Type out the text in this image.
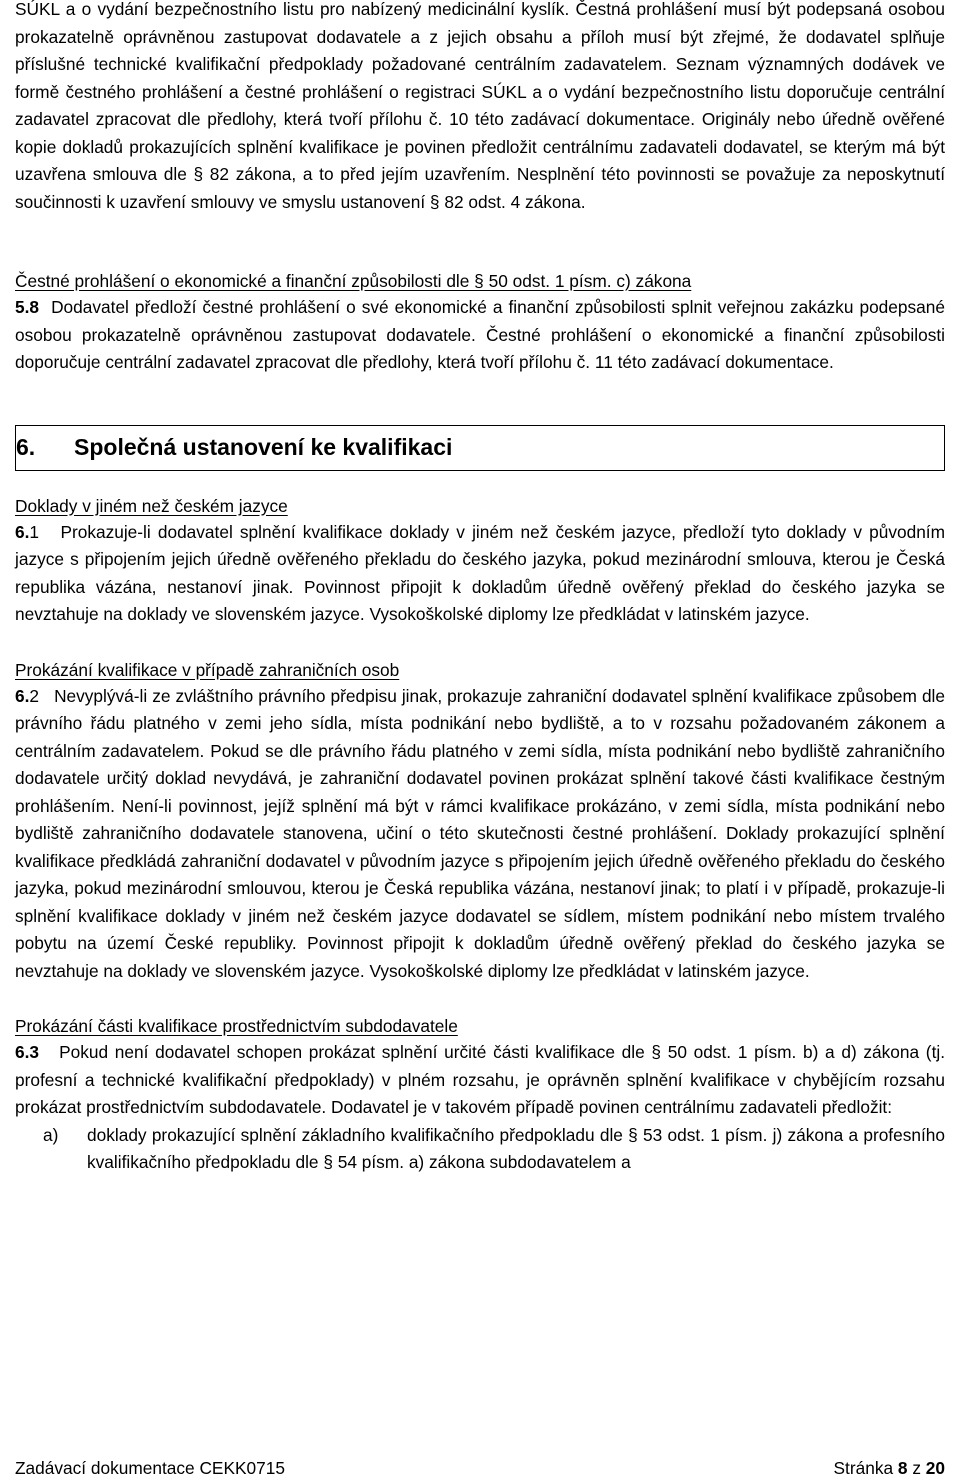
SÚKL a o vydání bezpečnostního listu pro nabízený medicinální kyslík. Čestná prohlášení musí být podepsaná osobou prokazatelně oprávněnou zastupovat dodavatele a z jejich obsahu a příloh musí být zřejmé, že dodavatel splňuje příslušné technické kvalifikační předpoklady požadované centrálním zadavatelem. Seznam významných dodávek ve formě čestného prohlášení a čestné prohlášení o registraci SÚKL a o vydání bezpečnostního listu doporučuje centrální zadavatel zpracovat dle předlohy, která tvoří přílohu č. 10 této zadávací dokumentace. Originály nebo úředně ověřené kopie dokladů prokazujících splnění kvalifikace je povinen předložit centrálnímu zadavateli dodavatel, se kterým má být uzavřena smlouva dle § 82 zákona, a to před jejím uzavřením. Nesplnění této povinnosti se považuje za neposkytnutí součinnosti k uzavření smlouvy ve smyslu ustanovení § 82 odst. 4 zákona.

Čestné prohlášení o ekonomické a finanční způsobilosti dle § 50 odst. 1 písm. c) zákona

5.8 Dodavatel předloží čestné prohlášení o své ekonomické a finanční způsobilosti splnit veřejnou zakázku podepsané osobou prokazatelně oprávněnou zastupovat dodavatele. Čestné prohlášení o ekonomické a finanční způsobilosti doporučuje centrální zadavatel zpracovat dle předlohy, která tvoří přílohu č. 11 této zadávací dokumentace.

6.	Společná ustanovení ke kvalifikaci

Doklady v jiném než českém jazyce

6.1 Prokazuje-li dodavatel splnění kvalifikace doklady v jiném než českém jazyce, předloží tyto doklady v původním jazyce s připojením jejich úředně ověřeného překladu do českého jazyka, pokud mezinárodní smlouva, kterou je Česká republika vázána, nestanoví jinak. Povinnost připojit k dokladům úředně ověřený překlad do českého jazyka se nevztahuje na doklady ve slovenském jazyce. Vysokoškolské diplomy lze předkládat v latinském jazyce.

Prokázání kvalifikace v případě zahraničních osob

6.2 Nevyplývá-li ze zvláštního právního předpisu jinak, prokazuje zahraniční dodavatel splnění kvalifikace způsobem dle právního řádu platného v zemi jeho sídla, místa podnikání nebo bydliště, a to v rozsahu požadovaném zákonem a centrálním zadavatelem. Pokud se dle právního řádu platného v zemi sídla, místa podnikání nebo bydliště zahraničního dodavatele určitý doklad nevydává, je zahraniční dodavatel povinen prokázat splnění takové části kvalifikace čestným prohlášením. Není-li povinnost, jejíž splnění má být v rámci kvalifikace prokázáno, v zemi sídla, místa podnikání nebo bydliště zahraničního dodavatele stanovena, učiní o této skutečnosti čestné prohlášení. Doklady prokazující splnění kvalifikace předkládá zahraniční dodavatel v původním jazyce s připojením jejich úředně ověřeného překladu do českého jazyka, pokud mezinárodní smlouvou, kterou je Česká republika vázána, nestanoví jinak; to platí i v případě, prokazuje-li splnění kvalifikace doklady v jiném než českém jazyce dodavatel se sídlem, místem podnikání nebo místem trvalého pobytu na území České republiky. Povinnost připojit k dokladům úředně ověřený překlad do českého jazyka se nevztahuje na doklady ve slovenském jazyce. Vysokoškolské diplomy lze předkládat v latinském jazyce.

Prokázání části kvalifikace prostřednictvím subdodavatele

6.3 Pokud není dodavatel schopen prokázat splnění určité části kvalifikace dle § 50 odst. 1 písm. b) a d) zákona (tj. profesní a technické kvalifikační předpoklady) v plném rozsahu, je oprávněn splnění kvalifikace v chybějícím rozsahu prokázat prostřednictvím subdodavatele. Dodavatel je v takovém případě povinen centrálnímu zadavateli předložit:

a)	doklady prokazující splnění základního kvalifikačního předpokladu dle § 53 odst. 1 písm. j) zákona a profesního kvalifikačního předpokladu dle § 54 písm. a) zákona subdodavatelem a
Zadávací dokumentace CEKK0715	Stránka 8 z 20
